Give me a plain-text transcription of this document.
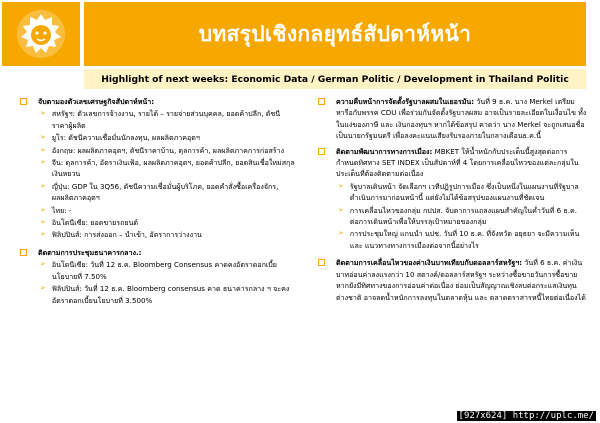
บทสรุปเชิงกลยุทธ์สัปดาห์หน้า
Highlight of next weeks: Economic Data / German Politic / Development in Thailand Politic
จับตามองตัวเลขเศรษฐกิจสัปดาห์หน้า:
➢ สหรัฐฯ: ตัวเลขการจ้างงาน, รายได้ – รายจ่ายส่วนบุคคล, ยอดค้าปลีก, ดัชนีราคาผู้ผลิต
➢ ยูโร: ดัชนีความเชื่อมั่นนักลงทุน, ผลผลิตภาคอุตฯ
➢ อังกฤษ: ผลผลิตภาคอุตฯ, ดัชนีราคาบ้าน, ดุลการค้า, ผลผลิตภาคการก่อสร้าง
➢ จีน: ดุลการค้า, อัตราเงินเฟ้อ, ผลผลิตภาคอุตฯ, ยอดค้าปลีก, ยอดสินเชื่อใหม่สกุลเงินหยวน
➢ ญี่ปุ่น: GDP ใน 3Q56, ดัชนีความเชื่อมั่นผู้บริโภค, ยอดคำสั่งซื้อเครื่องจักร, ผลผลิตภาคอุตฯ
➢ ไทย: -
➢ อินโดนีเซีย: ยอดขายรถยนต์
➢ ฟิลิปปินส์: การส่งออก – นำเข้า, อัตราการว่างงาน
ติดตามการประชุมธนาคารกลาง.:
➢ อินโดนีเซีย: วันที่ 12 ธ.ค. Bloomberg Consensus คาดคงอัตราดอกเบี้ยนโยบายที่ 7.50%
➢ ฟิลิปปินส์: วันที่ 12 ธ.ค. Bloomberg consensus คาด ธนาคารกลาง ฯ จะคงอัตราดอกเบี้ยนโยบายที่ 3.500%
ความคืบหน้าการจัดตั้งรัฐบาลผสมในเยอรมัน: วันที่ 9 ธ.ค. นาง Merkel เตรียมหารือกับพรรค CDU เพื่อร่วมกันจัดตั้งรัฐบาลผสม อาจเป็นรายละเอียดในเงื่อนไข ทั้งในแง่ของภาษี และ เงินกองทุนฯ หากได้ข้อสรุป คาดว่า นาง Merkel จะถูกเสนอชื่อเป็นนายกรัฐมนตรี เพื่อลงคะแนนเสียงรับรองภายในกลางเดือนธ.ค.นี้
ติดตามพัฒนาการทางการเมือง: MBKET ให้น้ำหนักกับประเด็นนี้สูงสุดต่อการกำหนดทิศทาง SET INDEX เป็นสัปดาห์ที่ 4 โดยการเคลื่อนไหวของแต่ละกลุ่มในประเด็นที่ต้องติดตามต่อเนื่อง
➢ รัฐบาลเดินหน้า จัดเลือกฯ เวทีปฏิรูปการเมือง ซึ่งเป็นหนึ่งในแผนงานที่รัฐบาลดำเนินการมาก่อนหน้านี้ แต่ยังไม่ได้ข้อสรุปของแผนงานที่ชัดเจน
➢ การเคลื่อนไหวของกลุ่ม กปปส. จับตาการแถลงแผนสำคัญในค่ำวันที่ 6 ธ.ค. ต่อการเดินหน้าเพื่อให้บรรลุเป้าหมายของกลุ่ม
➢ การประชุมใหญ่ แกนนำ นปช. วันที่ 10 ธ.ค. ที่จังหวัด อยุธยา จะมีความเห็น และ แนวทางทางการเมืองต่อจากนี้อย่างไร
ติดตามการเคลื่อนไหวของค่าเงินบาทเทียบกับดอลลาร์สหรัฐฯ: วันที่ 6 ธ.ค. ค่าเงินบาทอ่อนค่าลงแรงกว่า 10 สตางค์/ดอลลาร์สหรัฐฯ ระหว่างซื้อขายวันการซื้อขาย หากยังมีทิศทางของการอ่อนค่าต่อเนื่อง ย่อมเป็นสัญญาณเชิงลบต่อกระแสเงินทุนต่างชาติ อาจลดน้ำหนักการลงทุนในตลาดหุ้น และ ตลาดตราสารหนี้ไทยต่อเนื่องได้
[927x624] http://uplc.me/
